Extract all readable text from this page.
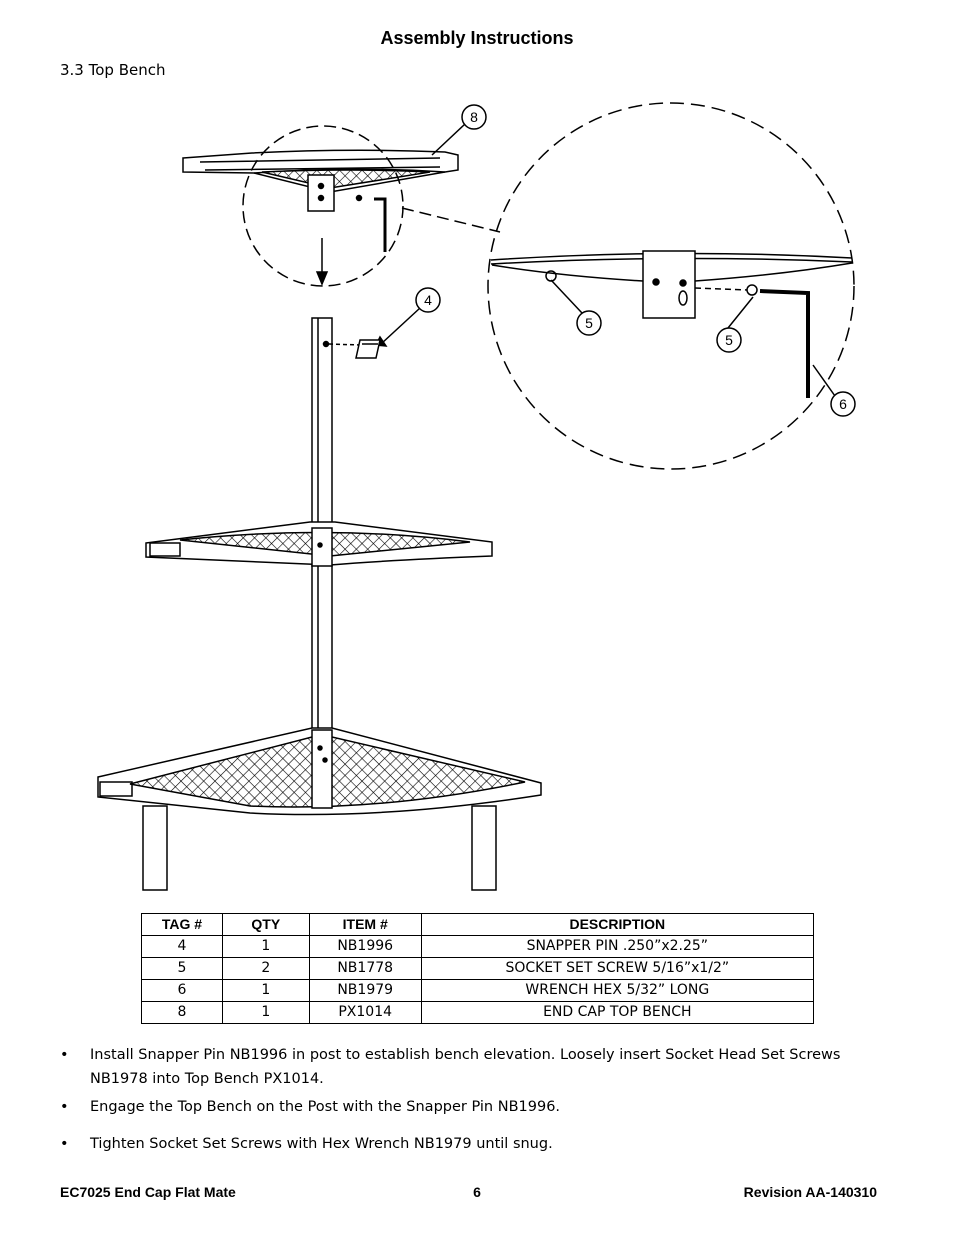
Assembly Instructions
3.3 Top Bench
8
4
5
5
6
TAG #	QTY	ITEM #	DESCRIPTION
4	1	NB1996	SNAPPER PIN .250”x2.25”
5	2	NB1778	SOCKET SET SCREW 5/16”x1/2”
6	1	NB1979	WRENCH HEX 5/32” LONG
8	1	PX1014	END CAP TOP BENCH
• Install Snapper Pin NB1996 in post to establish bench elevation. Loosely insert Socket Head Set Screws NB1978 into Top Bench PX1014.
• Engage the Top Bench on the Post with the Snapper Pin NB1996.
• Tighten Socket Set Screws with Hex Wrench NB1979 until snug.
EC7025 End Cap Flat Mate	6	Revision AA-140310
